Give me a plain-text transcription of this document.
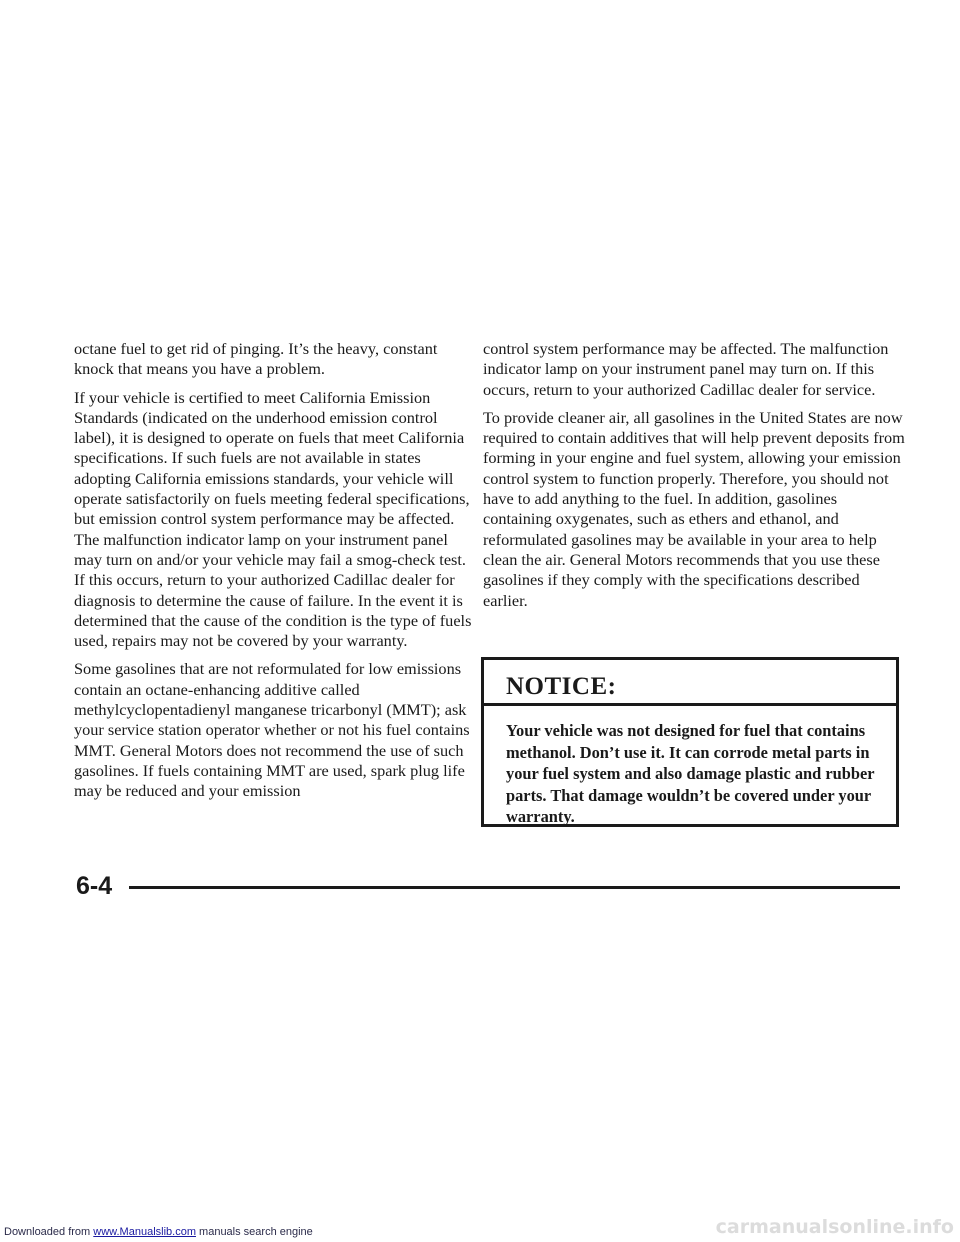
octane fuel to get rid of pinging. It’s the heavy, constant knock that means you have a problem.

If your vehicle is certified to meet California Emission Standards (indicated on the underhood emission control label), it is designed to operate on fuels that meet California specifications. If such fuels are not available in states adopting California emissions standards, your vehicle will operate satisfactorily on fuels meeting federal specifications, but emission control system performance may be affected. The malfunction indicator lamp on your instrument panel may turn on and/or your vehicle may fail a smog-check test. If this occurs, return to your authorized Cadillac dealer for diagnosis to determine the cause of failure. In the event it is determined that the cause of the condition is the type of fuels used, repairs may not be covered by your warranty.

Some gasolines that are not reformulated for low emissions contain an octane-enhancing additive called methylcyclopentadienyl manganese tricarbonyl (MMT); ask your service station operator whether or not his fuel contains MMT. General Motors does not recommend the use of such gasolines. If fuels containing MMT are used, spark plug life may be reduced and your emission

control system performance may be affected. The malfunction indicator lamp on your instrument panel may turn on. If this occurs, return to your authorized Cadillac dealer for service.

To provide cleaner air, all gasolines in the United States are now required to contain additives that will help prevent deposits from forming in your engine and fuel system, allowing your emission control system to function properly. Therefore, you should not have to add anything to the fuel. In addition, gasolines containing oxygenates, such as ethers and ethanol, and reformulated gasolines may be available in your area to help clean the air. General Motors recommends that you use these gasolines if they comply with the specifications described earlier.

NOTICE:
Your vehicle was not designed for fuel that contains methanol. Don’t use it. It can corrode metal parts in your fuel system and also damage plastic and rubber parts. That damage wouldn’t be covered under your warranty.
6-4
Downloaded from www.Manualslib.com manuals search engine	carmanualsonline.info
